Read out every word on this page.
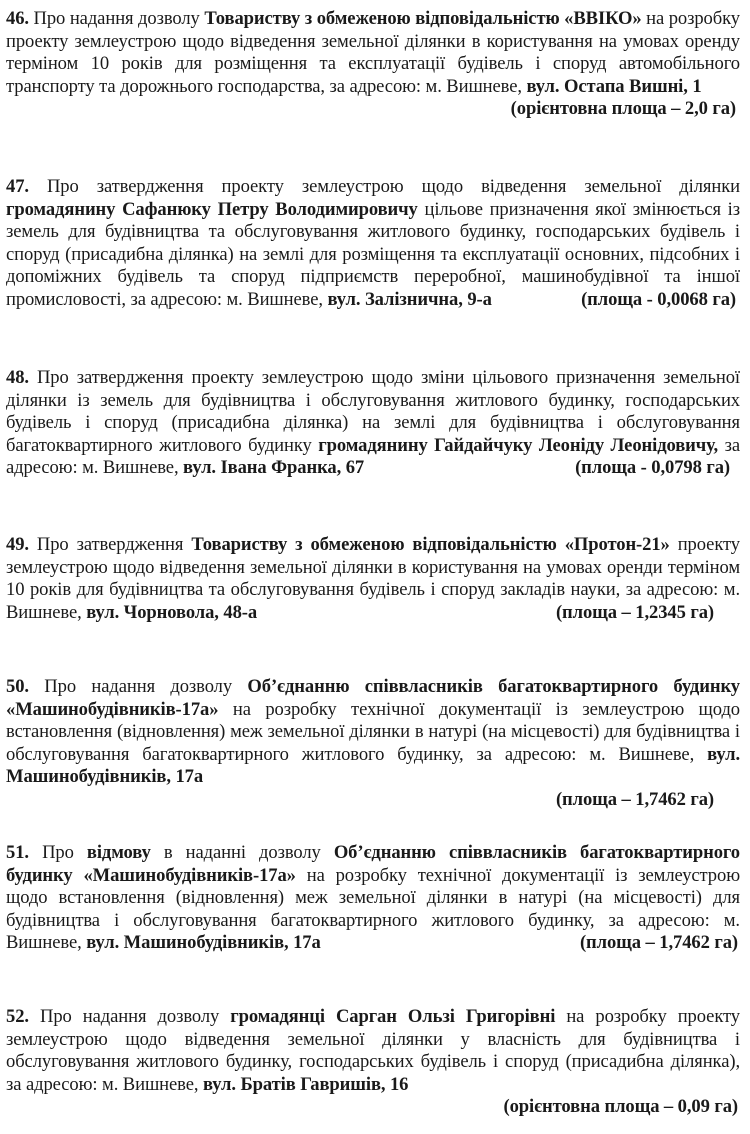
46. Про надання дозволу Товариству з обмеженою відповідальністю «ВВІКО» на розробку проекту землеустрою щодо відведення земельної ділянки в користування на умовах оренду терміном 10 років для розміщення та експлуатації будівель і споруд автомобільного транспорту та дорожнього господарства, за адресою: м. Вишневе, вул. Остапа Вишні, 1
(орієнтовна площа – 2,0 га)
47. Про затвердження проекту землеустрою щодо відведення земельної ділянки громадянину Сафанюку Петру Володимировичу цільове призначення якої змінюється із земель для будівництва та обслуговування житлового будинку, господарських будівель і споруд (присадибна ділянка) на землі для розміщення та експлуатації основних, підсобних і допоміжних будівель та споруд підприємств переробної, машинобудівної та іншої промисловості, за адресою: м. Вишневе, вул. Залізнична, 9-а	(площа - 0,0068 га)
48. Про затвердження проекту землеустрою щодо зміни цільового призначення земельної ділянки із земель для будівництва і обслуговування житлового будинку, господарських будівель і споруд (присадибна ділянка) на землі для будівництва і обслуговування багатоквартирного житлового будинку громадянину Гайдайчуку Леоніду Леонідовичу, за адресою: м. Вишневе, вул. Івана Франка, 67	(площа - 0,0798 га)
49. Про затвердження Товариству з обмеженою відповідальністю «Протон-21» проекту землеустрою щодо відведення земельної ділянки в користування на умовах оренди терміном 10 років для будівництва та обслуговування будівель і споруд закладів науки, за адресою: м. Вишневе, вул. Чорновола, 48-а	(площа – 1,2345 га)
50. Про надання дозволу Об’єднанню співвласників багатоквартирного будинку «Машинобудівників-17а» на розробку технічної документації із землеустрою щодо встановлення (відновлення) меж земельної ділянки в натурі (на місцевості) для будівництва і обслуговування багатоквартирного житлового будинку, за адресою: м. Вишневе, вул. Машинобудівників, 17а
(площа – 1,7462 га)
51. Про відмову в наданні дозволу Об’єднанню співвласників багатоквартирного будинку «Машинобудівників-17а» на розробку технічної документації із землеустрою щодо встановлення (відновлення) меж земельної ділянки в натурі (на місцевості) для будівництва і обслуговування багатоквартирного житлового будинку, за адресою: м. Вишневе, вул. Машинобудівників, 17а	(площа – 1,7462 га)
52. Про надання дозволу громадянці Сарган Ользі Григорівні на розробку проекту землеустрою щодо відведення земельної ділянки у власність для будівництва і обслуговування житлового будинку, господарських будівель і споруд (присадибна ділянка), за адресою: м. Вишневе, вул. Братів Гавришів, 16
(орієнтовна площа – 0,09 га)
